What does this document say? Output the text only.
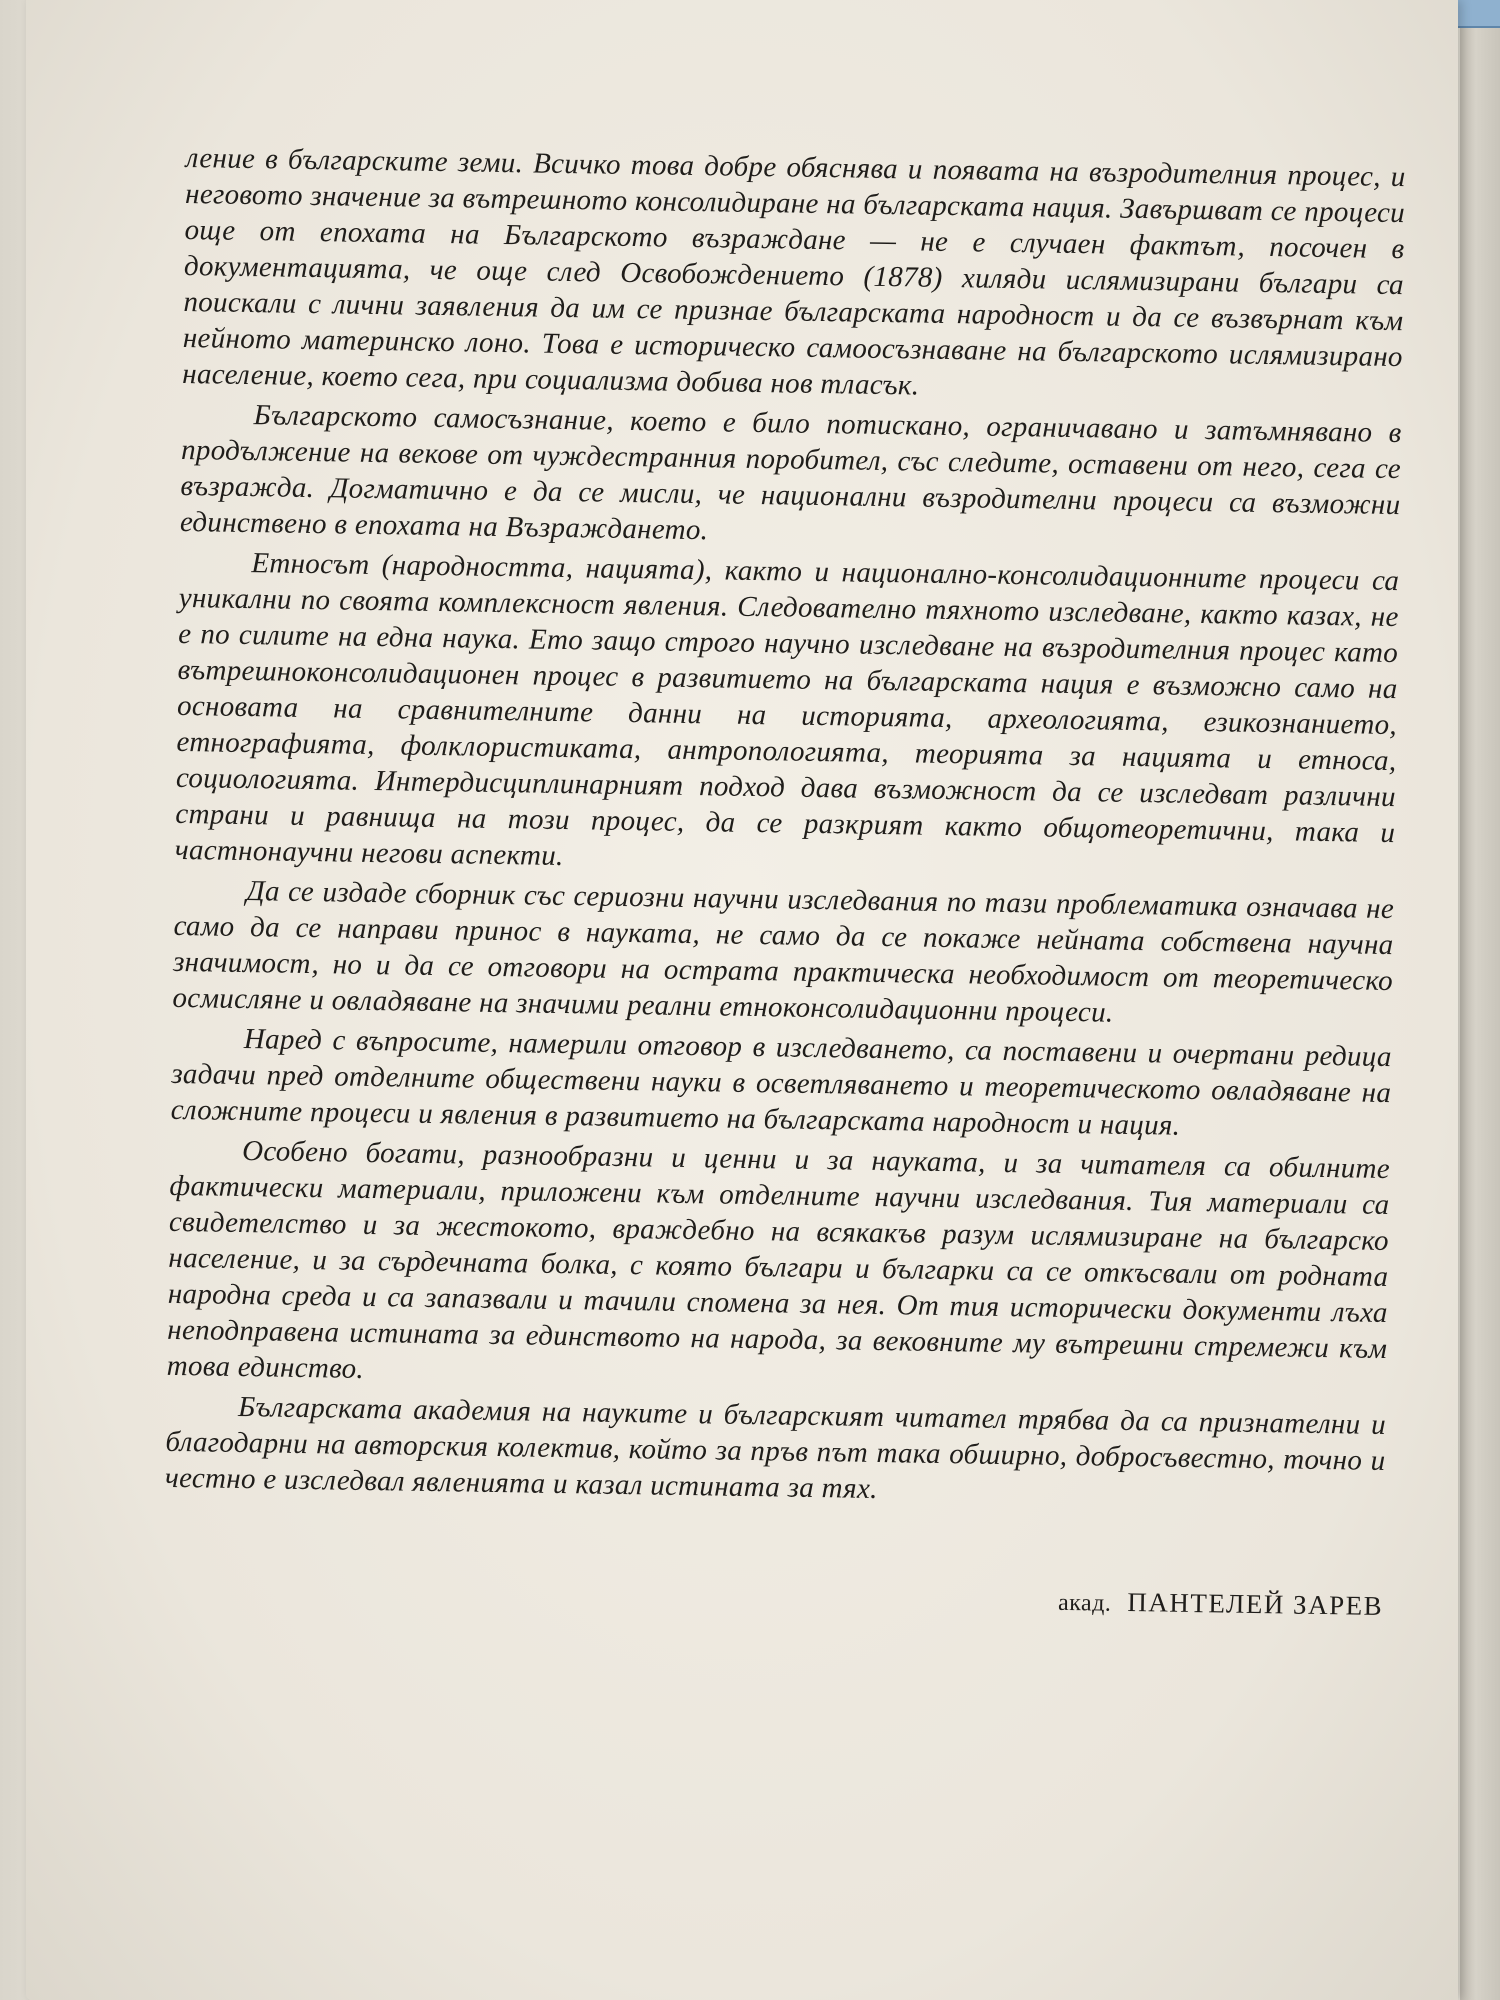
ление в българските земи. Всичко това добре обяснява и появата на възродителния процес, и неговото значение за вътрешното консолидиране на българската нация. Завършват се процеси още от епохата на Българското възраждане — не е случаен фактът, посочен в документацията, че още след Освобождението (1878) хиляди ислямизирани българи са поискали с лични заявления да им се признае българската народност и да се възвърнат към нейното материнско лоно. Това е историческо самоосъзнаване на българското ислямизирано население, което сега, при социализма добива нов тласък.

Българското самосъзнание, което е било потискано, ограничавано и затъмнявано в продължение на векове от чуждестранния поробител, със следите, оставени от него, сега се възражда. Догматично е да се мисли, че национални възродителни процеси са възможни единствено в епохата на Възраждането.

Етносът (народността, нацията), както и национално-консолидационните процеси са уникални по своята комплексност явления. Следователно тяхното изследване, както казах, не е по силите на една наука. Ето защо строго научно изследване на възродителния процес като вътрешноконсолидационен процес в развитието на българската нация е възможно само на основата на сравнителните данни на историята, археологията, езикознанието, етнографията, фолклористиката, антропологията, теорията за нацията и етноса, социологията. Интердисциплинарният подход дава възможност да се изследват различни страни и равнища на този процес, да се разкрият както общотеоретични, така и частнонаучни негови аспекти.

Да се издаде сборник със сериозни научни изследвания по тази проблематика означава не само да се направи принос в науката, не само да се покаже нейната собствена научна значимост, но и да се отговори на острата практическа необходимост от теоретическо осмисляне и овладяване на значими реални етноконсолидационни процеси.

Наред с въпросите, намерили отговор в изследването, са поставени и очертани редица задачи пред отделните обществени науки в осветляването и теоретическото овладяване на сложните процеси и явления в развитието на българската народност и нация.

Особено богати, разнообразни и ценни и за науката, и за читателя са обилните фактически материали, приложени към отделните научни изследвания. Тия материали са свидетелство и за жестокото, враждебно на всякакъв разум ислямизиране на българско население, и за сърдечната болка, с която българи и българки са се откъсвали от родната народна среда и са запазвали и тачили спомена за нея. От тия исторически документи лъха неподправена истината за единството на народа, за вековните му вътрешни стремежи към това единство.

Българската академия на науките и българският читател трябва да са признателни и благодарни на авторския колектив, който за пръв път така обширно, добросъвестно, точно и честно е изследвал явленията и казал истината за тях.

акад. ПАНТЕЛЕЙ ЗАРЕВ
